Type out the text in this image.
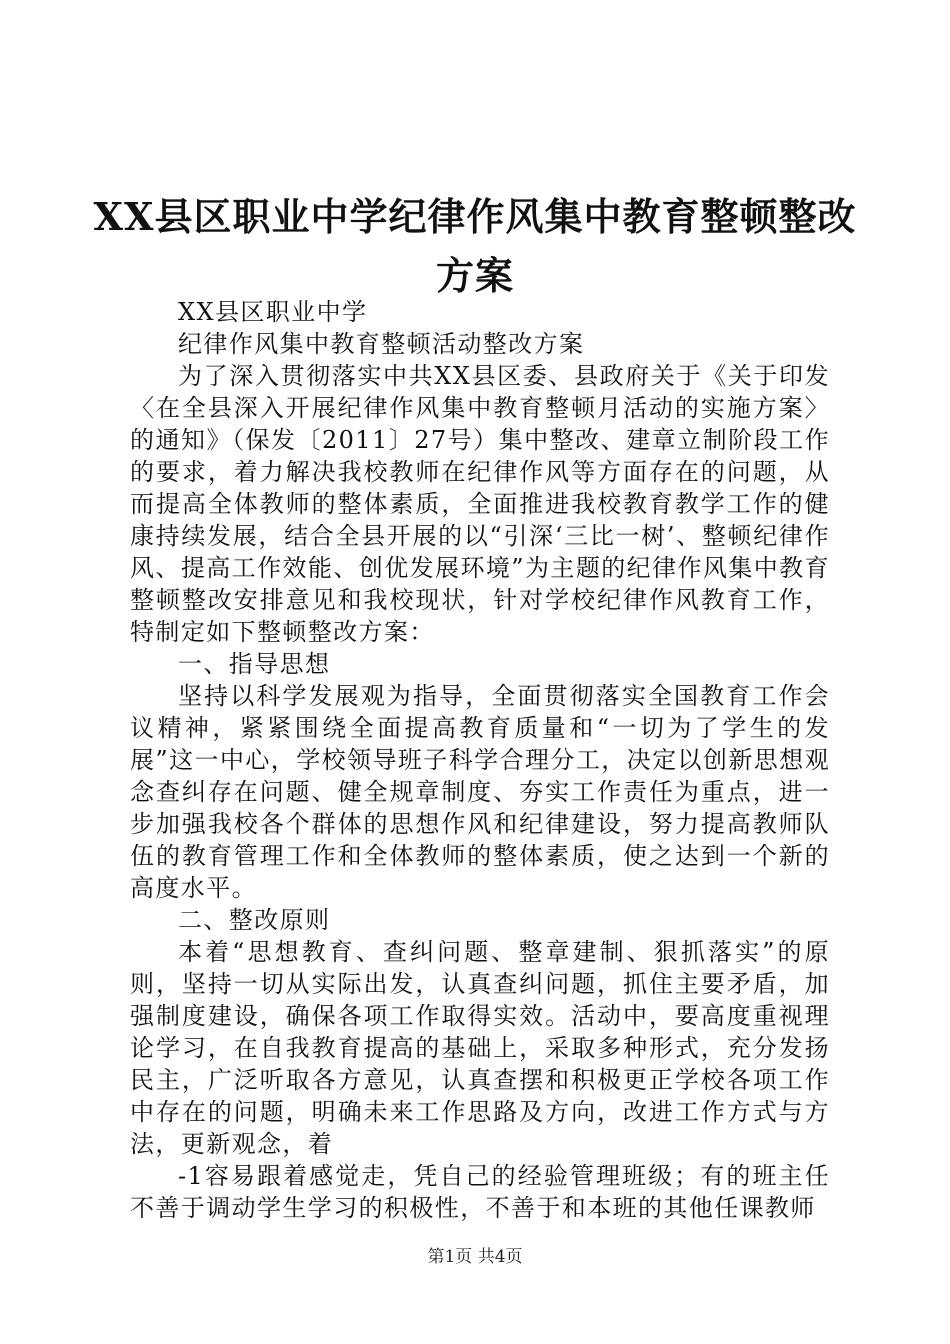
XX县区职业中学纪律作风集中教育整顿整改
方案

XX县区职业中学

纪律作风集中教育整顿活动整改方案

为了深入贯彻落实中共XX县区委、县政府关于《关于印发〈在全县深入开展纪律作风集中教育整顿月活动的实施方案〉的通知》（保发〔2011〕27号）集中整改、建章立制阶段工作的要求，着力解决我校教师在纪律作风等方面存在的问题，从而提高全体教师的整体素质，全面推进我校教育教学工作的健康持续发展，结合全县开展的以“引深‘三比一树’、整顿纪律作风、提高工作效能、创优发展环境”为主题的纪律作风集中教育整顿整改安排意见和我校现状，针对学校纪律作风教育工作，特制定如下整顿整改方案：

一、指导思想

坚持以科学发展观为指导，全面贯彻落实全国教育工作会议精神，紧紧围绕全面提高教育质量和“一切为了学生的发展”这一中心，学校领导班子科学合理分工，决定以创新思想观念查纠存在问题、健全规章制度、夯实工作责任为重点，进一步加强我校各个群体的思想作风和纪律建设，努力提高教师队伍的教育管理工作和全体教师的整体素质，使之达到一个新的高度水平。

二、整改原则

本着“思想教育、查纠问题、整章建制、狠抓落实”的原则，坚持一切从实际出发，认真查纠问题，抓住主要矛盾，加强制度建设，确保各项工作取得实效。活动中，要高度重视理论学习，在自我教育提高的基础上，采取多种形式，充分发扬民主，广泛听取各方意见，认真查摆和积极更正学校各项工作中存在的问题，明确未来工作思路及方向，改进工作方式与方法，更新观念，着

-1容易跟着感觉走，凭自己的经验管理班级；有的班主任不善于调动学生学习的积极性，不善于和本班的其他任课教师

第1页 共4页
